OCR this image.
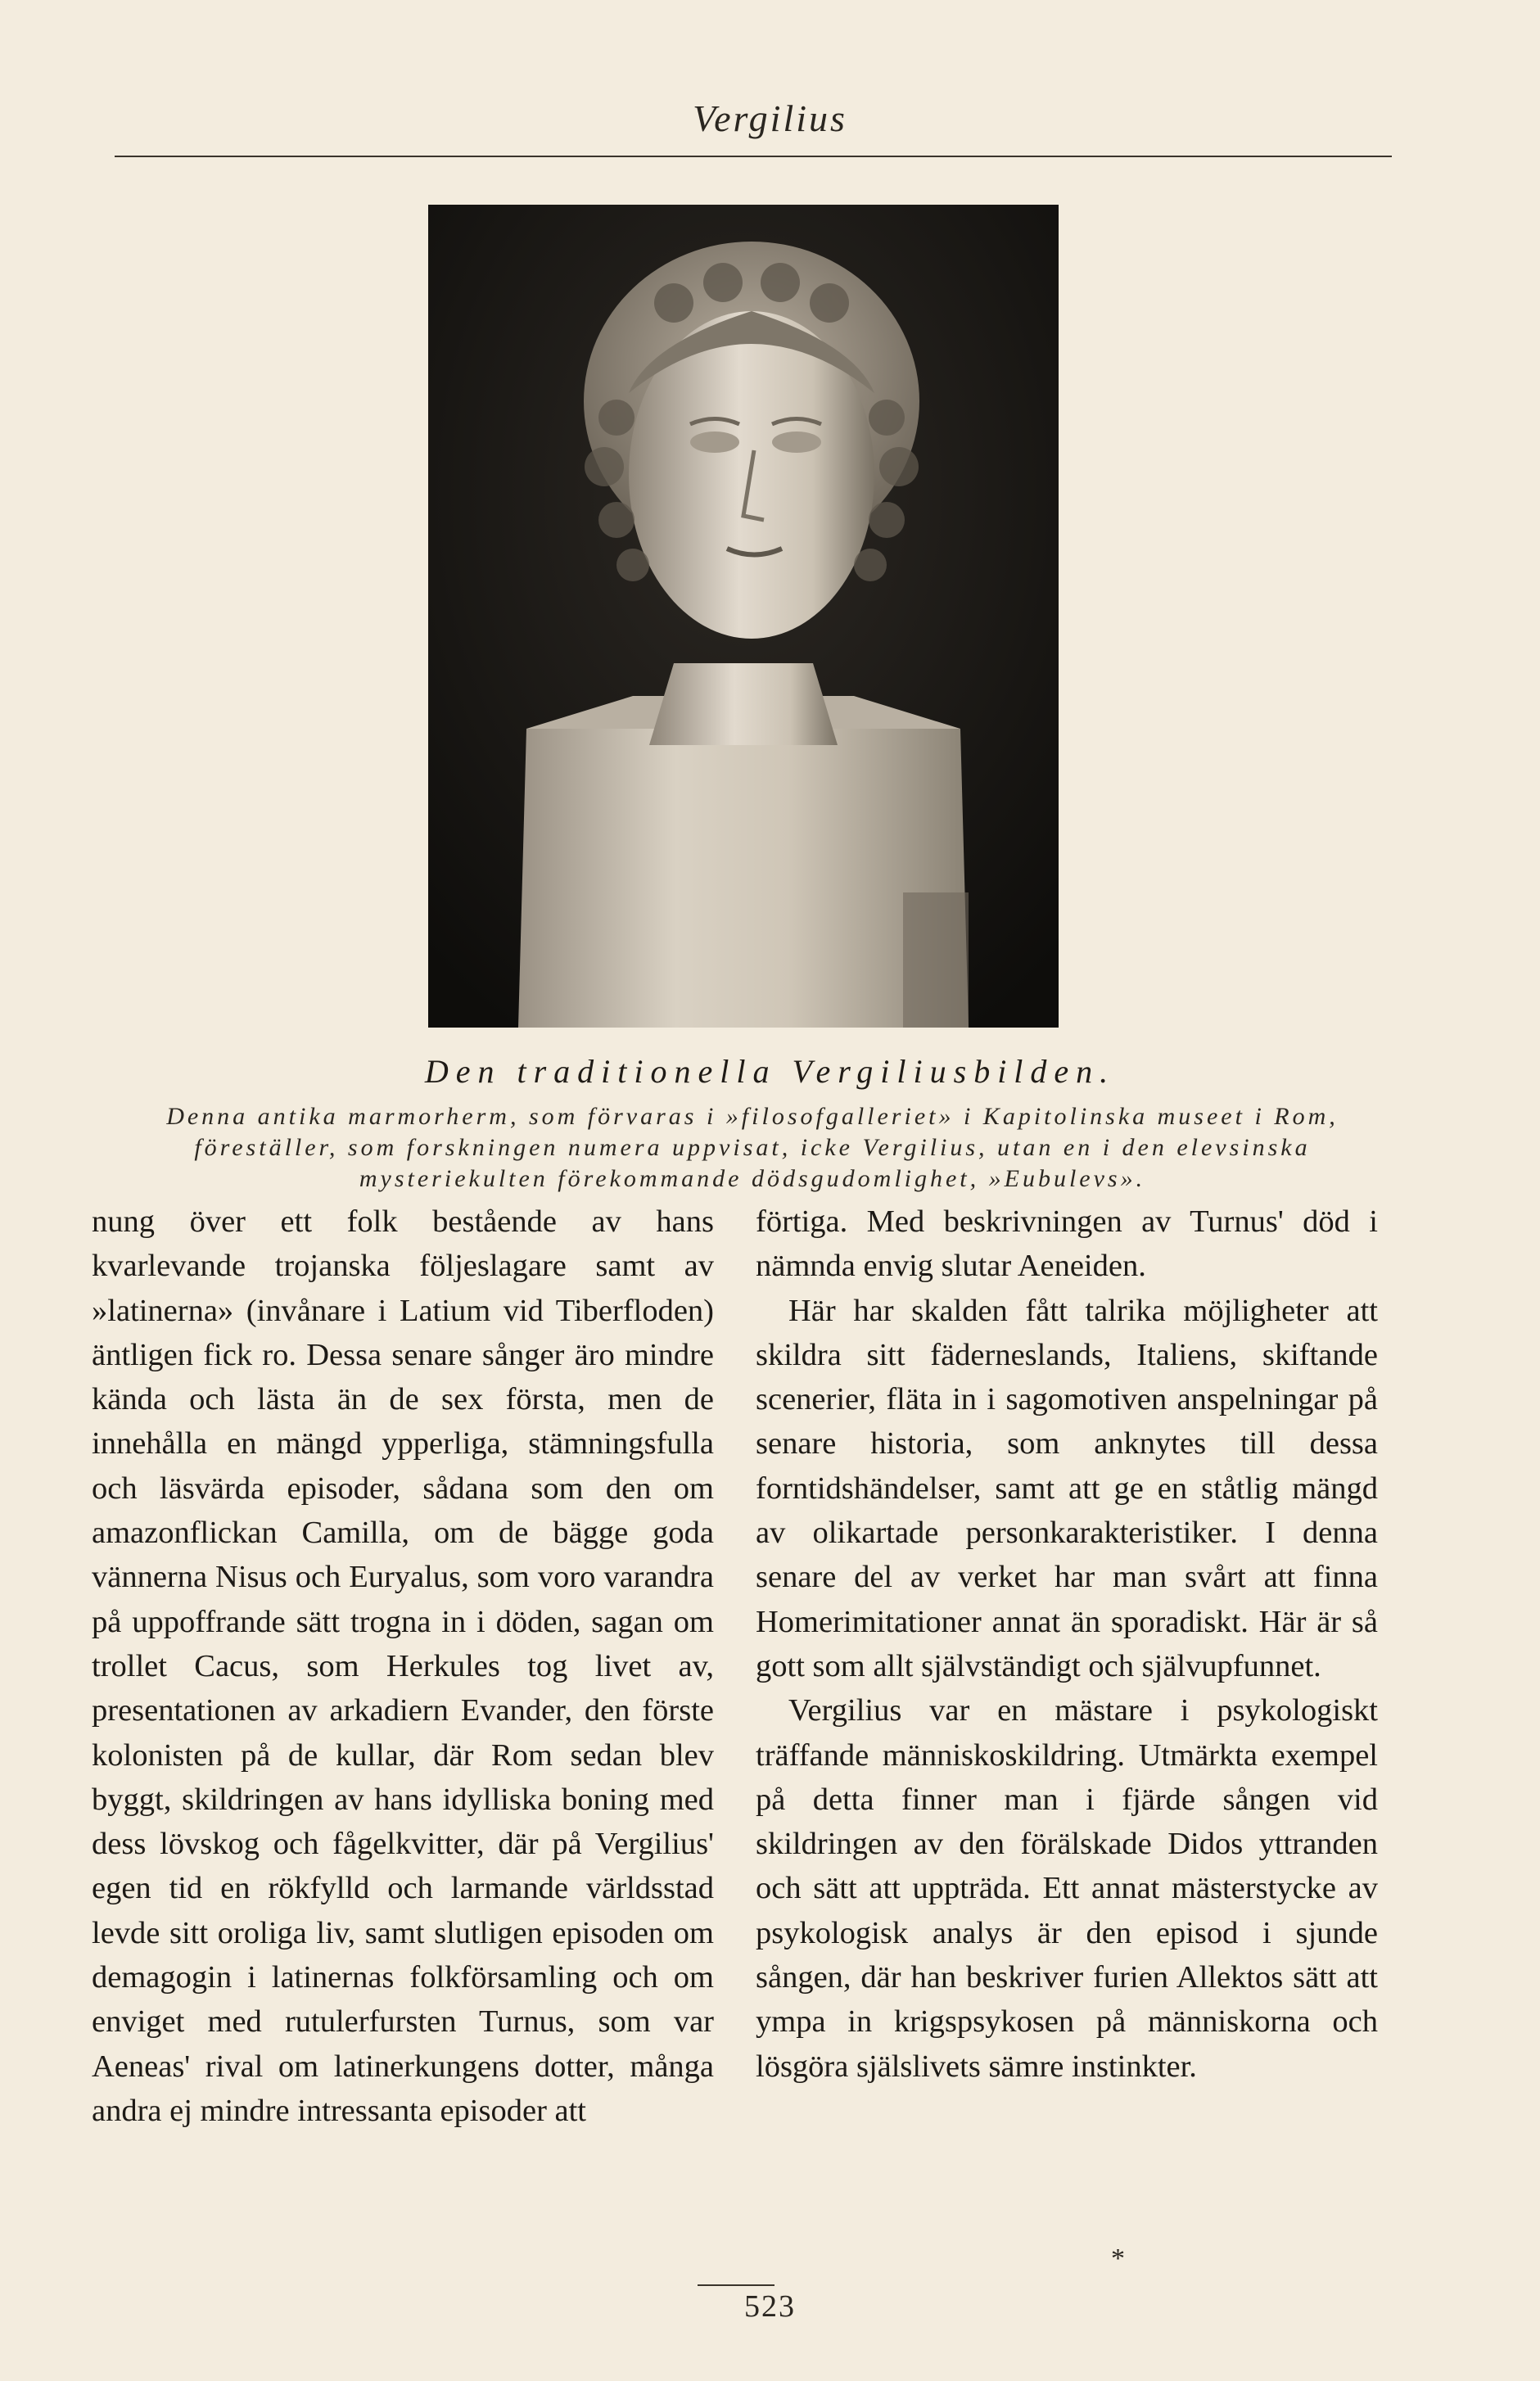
Vergilius
Den traditionella Vergiliusbilden.
Denna antika marmorherm, som förvaras i »filosofgalleriet» i Kapitolinska museet i Rom, föreställer, som forskningen numera uppvisat, icke Vergilius, utan en i den elevsinska mysteriekulten förekommande dödsgudomlighet, »Eubulevs».

nung över ett folk bestående av hans kvarlevande trojanska följeslagare samt av »latinerna» (invånare i Latium vid Tiberfloden) äntligen fick ro. Dessa senare sånger äro mindre kända och lästa än de sex första, men de innehålla en mängd ypperliga, stämningsfulla och läsvärda episoder, sådana som den om amazonflickan Camilla, om de bägge goda vännerna Nisus och Euryalus, som voro varandra på uppoffrande sätt trogna in i döden, sagan om trollet Cacus, som Herkules tog livet av, presentationen av arkadiern Evander, den förste kolonisten på de kullar, där Rom sedan blev byggt, skildringen av hans idylliska boning med dess lövskog och fågelkvitter, där på Vergilius' egen tid en rökfylld och larmande världsstad levde sitt oroliga liv, samt slutligen episoden om demagogin i latinernas folkförsamling och om enviget med rutulerfursten Turnus, som var Aeneas' rival om latinerkungens dotter, många andra ej mindre intressanta episoder att

förtiga. Med beskrivningen av Turnus' död i nämnda envig slutar Aeneiden.

Här har skalden fått talrika möjligheter att skildra sitt fäderneslands, Italiens, skiftande scenerier, fläta in i sagomotiven anspelningar på senare historia, som anknytes till dessa forntidshändelser, samt att ge en ståtlig mängd av olikartade personkarakteristiker. I denna senare del av verket har man svårt att finna Homerimitationer annat än sporadiskt. Här är så gott som allt självständigt och självupfunnet.

Vergilius var en mästare i psykologiskt träffande människoskildring. Utmärkta exempel på detta finner man i fjärde sången vid skildringen av den förälskade Didos yttranden och sätt att uppträda. Ett annat mästerstycke av psykologisk analys är den episod i sjunde sången, där han beskriver furien Allektos sätt att ympa in krigspsykosen på människorna och lösgöra själslivets sämre instinkter.

*
523
